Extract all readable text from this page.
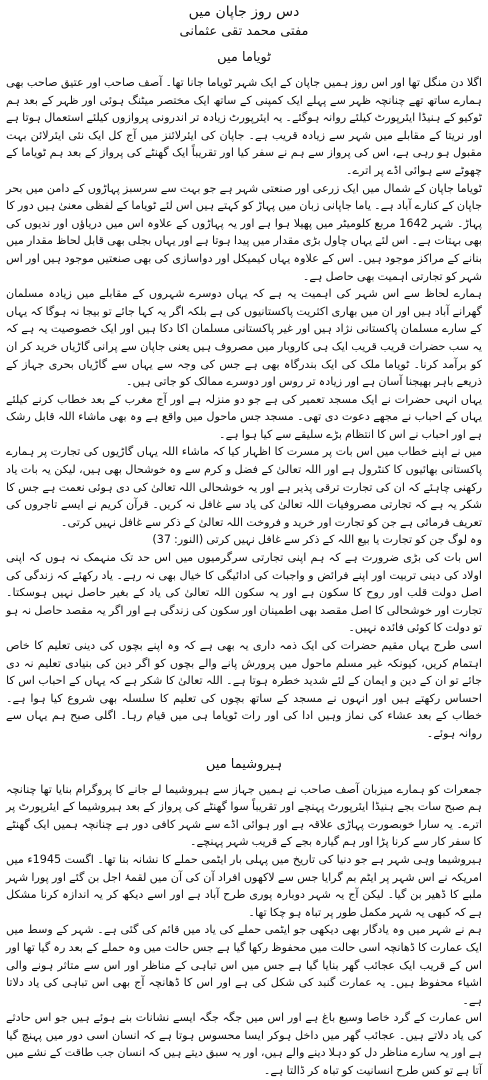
دس روز جاپان میں
مفتی محمد تقی عثمانی
ٹویاما میں

اگلا دن منگل تھا اور اس روز ہمیں جاپان کے ایک شہر ٹویاما جانا تھا۔ آصف صاحب اور عتیق صاحب بھی ہمارے ساتھ تھے چنانچہ ظہر سے پہلے ایک کمپنی کے ساتھ ایک مختصر میٹنگ ہوئی اور ظہر کے بعد ہم ٹوکیو کے ہنیڈا ایئرپورٹ کیلئے روانہ ہوگئے۔ یہ ایئرپورٹ زیادہ تر اندرونی پروازوں کیلئے استعمال ہوتا ہے اور نریتا کے مقابلے میں شہر سے زیادہ قریب ہے۔ جاپان کی ایئرلائنز میں آج کل ایک نئی ایئرلائن بہت مقبول ہو رہی ہے، اس کی پرواز سے ہم نے سفر کیا اور تقریباً ایک گھنٹے کی پرواز کے بعد ہم ٹویاما کے چھوٹے سے ہوائی اڈے پر اترے۔

ٹویاما جاپان کے شمال میں ایک زرعی اور صنعتی شہر ہے جو بہت سے سرسبز پہاڑوں کے دامن میں بحر جاپان کے کنارے آباد ہے۔ یاما جاپانی زبان میں پہاڑ کو کہتے ہیں اس لئے ٹویاما کے لفظی معنیٰ ہیں دور کا پہاڑ۔ شہر 1642 مربع کلومیٹر میں پھیلا ہوا ہے اور یہ پہاڑوں کے علاوہ اس میں دریاؤں اور ندیوں کی بھی بہتات ہے۔ اس لئے یہاں چاول بڑی مقدار میں پیدا ہوتا ہے اور یہاں بجلی بھی قابل لحاظ مقدار میں بنانے کے مراکز موجود ہیں۔ اس کے علاوہ یہاں کیمیکل اور دواسازی کی بھی صنعتیں موجود ہیں اور اس شہر کو تجارتی اہمیت بھی حاصل ہے۔

ہمارے لحاظ سے اس شہر کی اہمیت یہ ہے کہ یہاں دوسرے شہروں کے مقابلے میں زیادہ مسلمان گھرانے آباد ہیں اور ان میں بھاری اکثریت پاکستانیوں کی ہے بلکہ اگر یہ کہا جائے تو بیجا نہ ہوگا کہ یہاں کے سارے مسلمان پاکستانی نژاد ہیں اور غیر پاکستانی مسلمان اکا دکا ہیں اور ایک خصوصیت یہ ہے کہ یہ سب حضرات قریب قریب ایک ہی کاروبار میں مصروف ہیں یعنی جاپان سے پرانی گاڑیاں خرید کر ان کو برآمد کرنا۔ ٹویاما ملک کی ایک بندرگاہ بھی ہے جس کی وجہ سے یہاں سے گاڑیاں بحری جہاز کے ذریعے باہر بھیجنا آسان ہے اور زیادہ تر روس اور دوسرے ممالک کو جاتی ہیں۔

یہاں انہی حضرات نے ایک مسجد تعمیر کی ہے جو دو منزلہ ہے اور آج مغرب کے بعد خطاب کرنے کیلئے یہاں کے احباب نے مجھے دعوت دی تھی۔ مسجد جس ماحول میں واقع ہے وہ بھی ماشاء اللہ قابل رشک ہے اور احباب نے اس کا انتظام بڑے سلیقے سے کیا ہوا ہے۔

میں نے اپنے خطاب میں اس بات پر مسرت کا اظہار کیا کہ ماشاء اللہ یہاں گاڑیوں کی تجارت پر ہمارے پاکستانی بھائیوں کا کنٹرول ہے اور اللہ تعالیٰ کے فضل و کرم سے وہ خوشحال بھی ہیں، لیکن یہ بات یاد رکھنی چاہئے کہ ان کی تجارت ترقی پذیر ہے اور یہ خوشحالی اللہ تعالیٰ کی دی ہوئی نعمت ہے جس کا شکر یہ ہے کہ تجارتی مصروفیات اللہ تعالیٰ کی یاد سے غافل نہ کریں۔ قرآن کریم نے ایسے تاجروں کی تعریف فرمائی ہے جن کو تجارت اور خرید و فروخت اللہ تعالیٰ کے ذکر سے غافل نہیں کرتی۔

وہ لوگ جن کو تجارت یا بیع اللہ کے ذکر سے غافل نہیں کرتی (النور: 37)

اس بات کی بڑی ضرورت ہے کہ ہم اپنی تجارتی سرگرمیوں میں اس حد تک منہمک نہ ہوں کہ اپنی اولاد کی دینی تربیت اور اپنے فرائض و واجبات کی ادائیگی کا خیال بھی نہ رہے۔ یاد رکھئے کہ زندگی کی اصل دولت قلب اور روح کا سکون ہے اور یہ سکون اللہ تعالیٰ کی یاد کے بغیر حاصل نہیں ہوسکتا۔ تجارت اور خوشحالی کا اصل مقصد بھی اطمینان اور سکون کی زندگی ہے اور اگر یہ مقصد حاصل نہ ہو تو دولت کا کوئی فائدہ نہیں۔

اسی طرح یہاں مقیم حضرات کی ایک ذمہ داری یہ بھی ہے کہ وہ اپنے بچوں کی دینی تعلیم کا خاص اہتمام کریں، کیونکہ غیر مسلم ماحول میں پرورش پانے والے بچوں کو اگر دین کی بنیادی تعلیم نہ دی جائے تو ان کے دین و ایمان کے لئے شدید خطرہ ہوتا ہے۔ اللہ تعالیٰ کا شکر ہے کہ یہاں کے احباب اس کا احساس رکھتے ہیں اور انہوں نے مسجد کے ساتھ بچوں کی تعلیم کا سلسلہ بھی شروع کیا ہوا ہے۔ خطاب کے بعد عشاء کی نماز وہیں ادا کی اور رات ٹویاما ہی میں قیام رہا۔ اگلی صبح ہم یہاں سے روانہ ہوئے۔

ہیروشیما میں

جمعرات کو ہمارے میزبان آصف صاحب نے ہمیں جہاز سے ہیروشیما لے جانے کا پروگرام بنایا تھا چنانچہ ہم صبح سات بجے ہنیڈا ایئرپورٹ پہنچے اور تقریباً سوا گھنٹے کی پرواز کے بعد ہیروشیما کے ایئرپورٹ پر اترے۔ یہ سارا خوبصورت پہاڑی علاقہ ہے اور ہوائی اڈے سے شہر کافی دور ہے چنانچہ ہمیں ایک گھنٹے کا سفر کار سے کرنا پڑا اور ہم گیارہ بجے کے قریب شہر پہنچے۔

ہیروشیما وہی شہر ہے جو دنیا کی تاریخ میں پہلی بار ایٹمی حملے کا نشانہ بنا تھا۔ اگست 1945ء میں امریکہ نے اس شہر پر ایٹم بم گرایا جس سے لاکھوں افراد آن کی آن میں لقمۂ اجل بن گئے اور پورا شہر ملبے کا ڈھیر بن گیا۔ لیکن آج یہ شہر دوبارہ پوری طرح آباد ہے اور اسے دیکھ کر یہ اندازہ کرنا مشکل ہے کہ کبھی یہ شہر مکمل طور پر تباہ ہو چکا تھا۔

ہم نے شہر میں وہ یادگار بھی دیکھی جو ایٹمی حملے کی یاد میں قائم کی گئی ہے۔ شہر کے وسط میں ایک عمارت کا ڈھانچہ اسی حالت میں محفوظ رکھا گیا ہے جس حالت میں وہ حملے کے بعد رہ گیا تھا اور اس کے قریب ایک عجائب گھر بنایا گیا ہے جس میں اس تباہی کے مناظر اور اس سے متاثر ہونے والی اشیاء محفوظ ہیں۔ یہ عمارت گنبد کی شکل کی ہے اور اس کا ڈھانچہ آج بھی اس تباہی کی یاد دلاتا ہے۔

اس عمارت کے گرد خاصا وسیع باغ ہے اور اس میں جگہ جگہ ایسے نشانات بنے ہوئے ہیں جو اس حادثے کی یاد دلاتے ہیں۔ عجائب گھر میں داخل ہوکر ایسا محسوس ہوتا ہے کہ انسان اسی دور میں پہنچ گیا ہے اور یہ سارے مناظر دل کو دہلا دینے والے ہیں، اور یہ سبق دیتے ہیں کہ انسان جب طاقت کے نشے میں آتا ہے تو کس طرح انسانیت کو تباہ کر ڈالتا ہے۔
